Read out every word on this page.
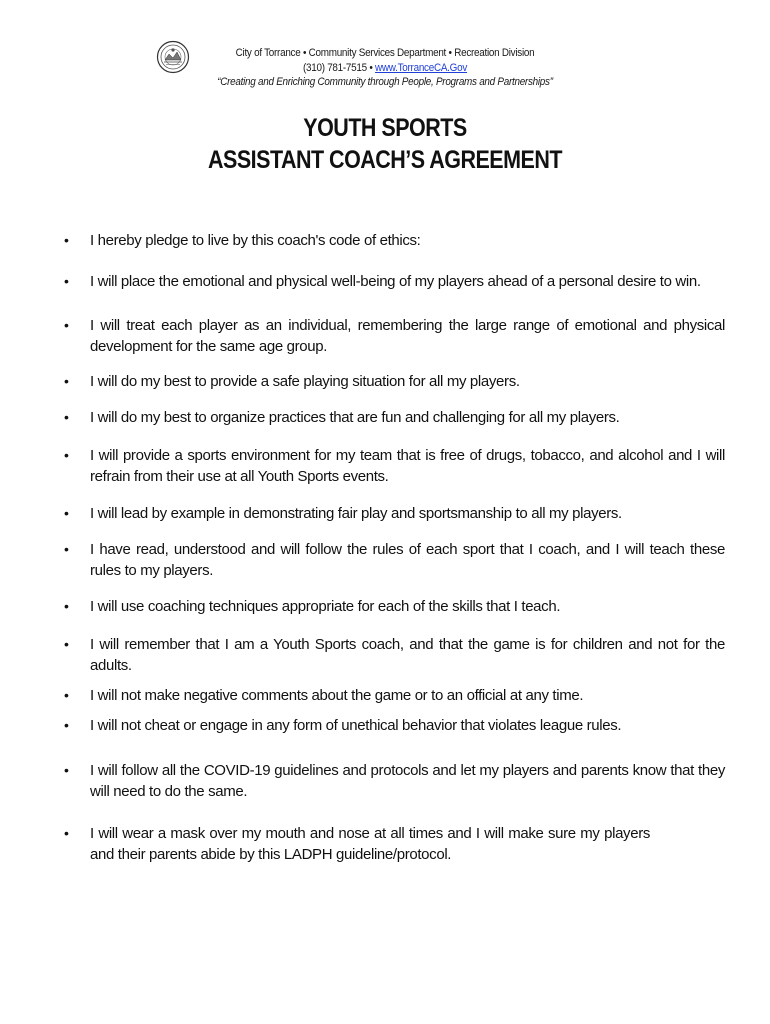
City of Torrance • Community Services Department • Recreation Division
(310) 781-7515 • www.TorranceCA.Gov
“Creating and Enriching Community through People, Programs and Partnerships”
YOUTH SPORTS
ASSISTANT COACH’S AGREEMENT
• I hereby pledge to live by this coach's code of ethics:
• I will place the emotional and physical well-being of my players ahead of a personal desire to win.
• I will treat each player as an individual, remembering the large range of emotional and physical development for the same age group.
• I will do my best to provide a safe playing situation for all my players.
• I will do my best to organize practices that are fun and challenging for all my players.
• I will provide a sports environment for my team that is free of drugs, tobacco, and alcohol and I will refrain from their use at all Youth Sports events.
• I will lead by example in demonstrating fair play and sportsmanship to all my players.
• I have read, understood and will follow the rules of each sport that I coach, and I will teach these rules to my players.
• I will use coaching techniques appropriate for each of the skills that I teach.
• I will remember that I am a Youth Sports coach, and that the game is for children and not for the adults.
• I will not make negative comments about the game or to an official at any time.
• I will not cheat or engage in any form of unethical behavior that violates league rules.
• I will follow all the COVID-19 guidelines and protocols and let my players and parents know that they will need to do the same.
• I will wear a mask over my mouth and nose at all times and I will make sure my players and their parents abide by this LADPH guideline/protocol.
